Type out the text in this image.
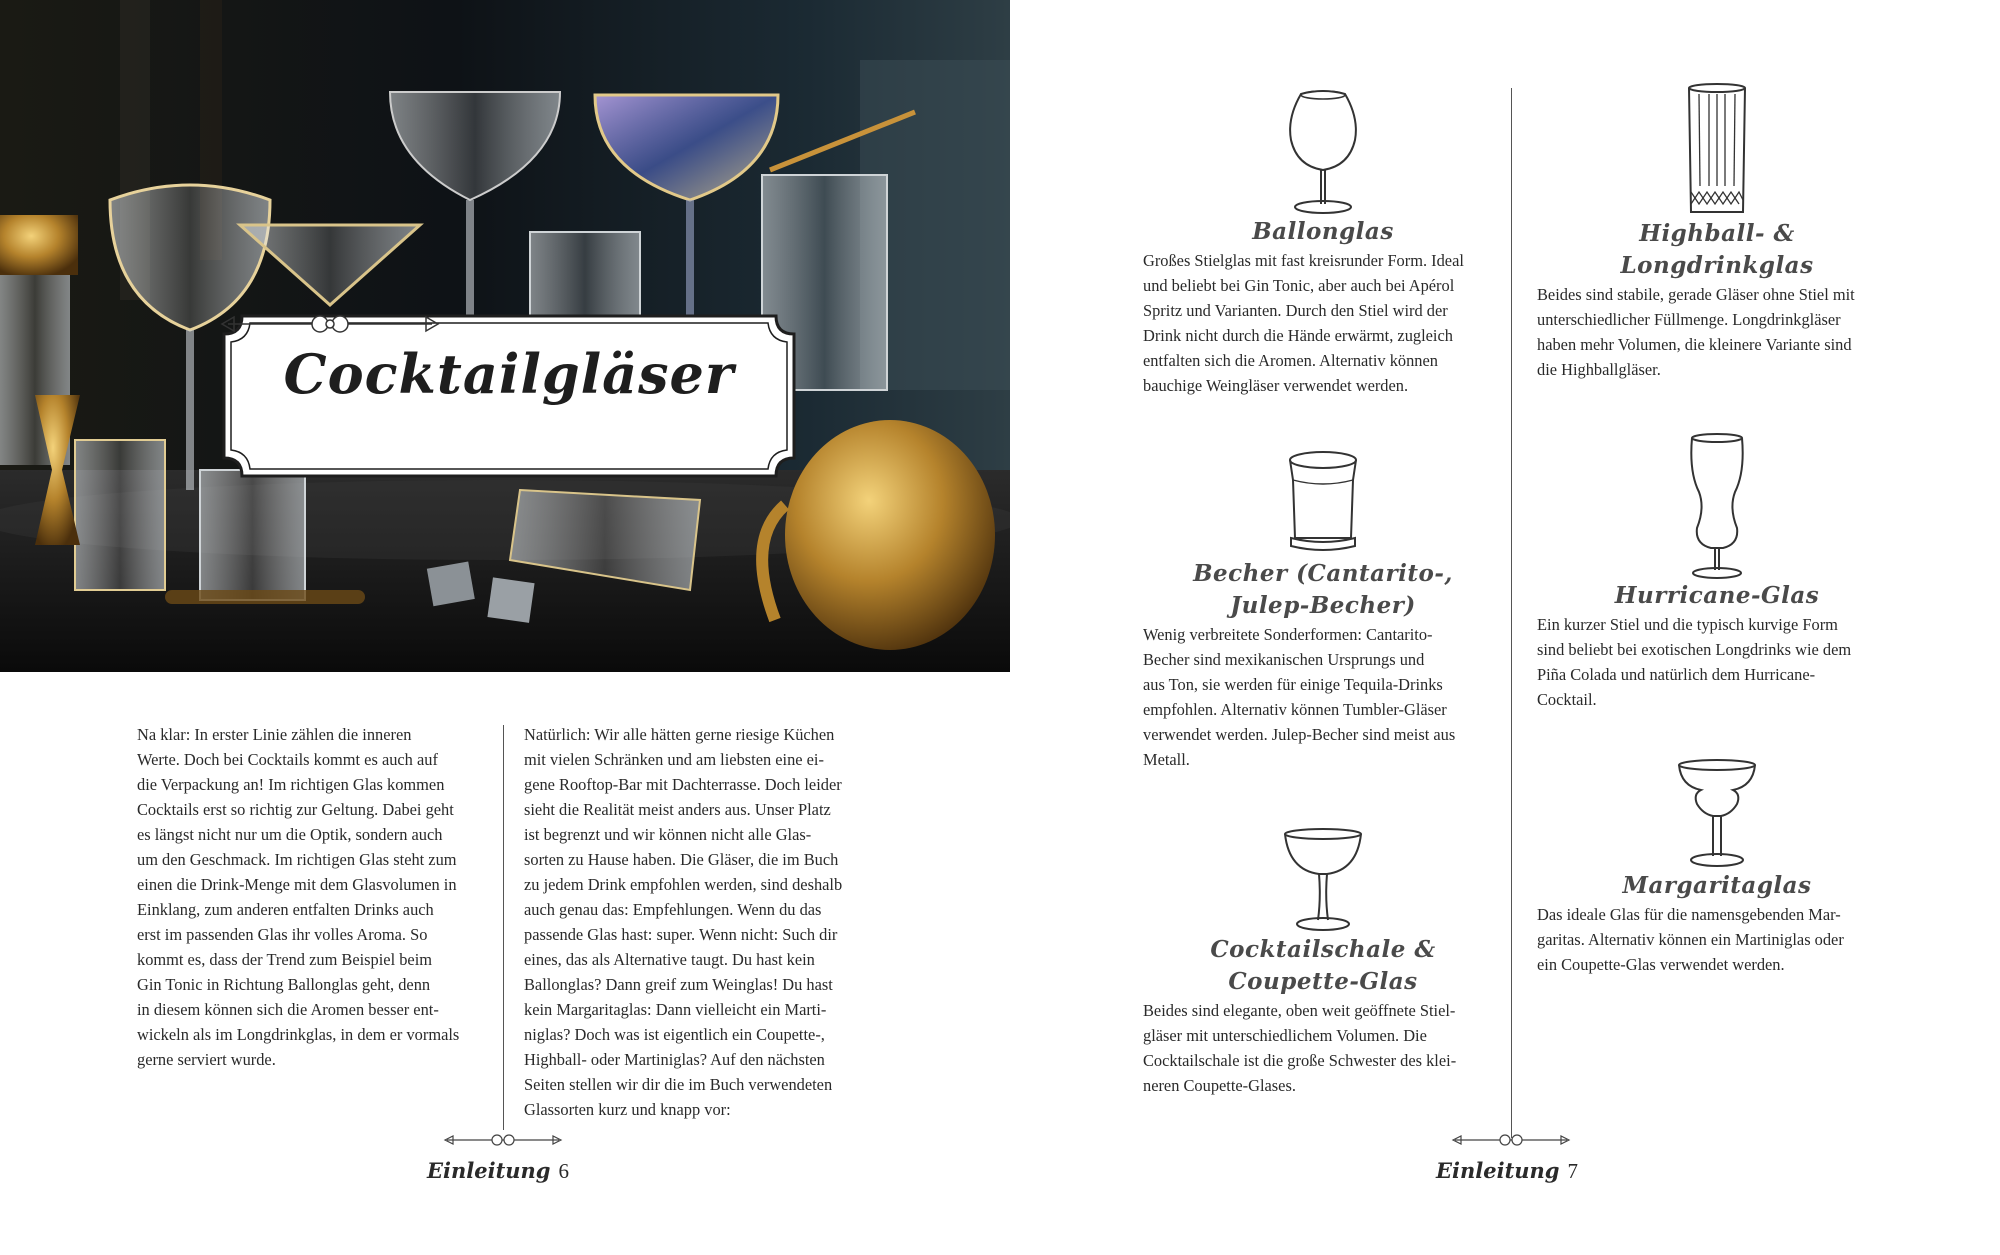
Cocktailgläser
Na klar: In erster Linie zählen die inneren
Werte. Doch bei Cocktails kommt es auch auf
die Verpackung an! Im richtigen Glas kommen
Cocktails erst so richtig zur Geltung. Dabei geht
es längst nicht nur um die Optik, sondern auch
um den Geschmack. Im richtigen Glas steht zum
einen die Drink-Menge mit dem Glasvolumen in
Einklang, zum anderen entfalten Drinks auch
erst im passenden Glas ihr volles Aroma. So
kommt es, dass der Trend zum Beispiel beim
Gin Tonic in Richtung Ballonglas geht, denn
in diesem können sich die Aromen besser ent-
wickeln als im Longdrinkglas, in dem er vormals
gerne serviert wurde.
Natürlich: Wir alle hätten gerne riesige Küchen
mit vielen Schränken und am liebsten eine ei-
gene Rooftop-Bar mit Dachterrasse. Doch leider
sieht die Realität meist anders aus. Unser Platz
ist begrenzt und wir können nicht alle Glas-
sorten zu Hause haben. Die Gläser, die im Buch
zu jedem Drink empfohlen werden, sind deshalb
auch genau das: Empfehlungen. Wenn du das
passende Glas hast: super. Wenn nicht: Such dir
eines, das als Alternative taugt. Du hast kein
Ballonglas? Dann greif zum Weinglas! Du hast
kein Margaritaglas: Dann vielleicht ein Marti-
niglas? Doch was ist eigentlich ein Coupette-,
Highball- oder Martiniglas? Auf den nächsten
Seiten stellen wir dir die im Buch verwendeten
Glassorten kurz und knapp vor:
Einleitung 6
Ballonglas
Großes Stielglas mit fast kreisrunder Form. Ideal
und beliebt bei Gin Tonic, aber auch bei Apérol
Spritz und Varianten. Durch den Stiel wird der
Drink nicht durch die Hände erwärmt, zugleich
entfalten sich die Aromen. Alternativ können
bauchige Weingläser verwendet werden.
Becher (Cantarito-,
Julep-Becher)
Wenig verbreitete Sonderformen: Cantarito-
Becher sind mexikanischen Ursprungs und
aus Ton, sie werden für einige Tequila-Drinks
empfohlen. Alternativ können Tumbler-Gläser
verwendet werden. Julep-Becher sind meist aus
Metall.
Cocktailschale &
Coupette-Glas
Beides sind elegante, oben weit geöffnete Stiel-
gläser mit unterschiedlichem Volumen. Die
Cocktailschale ist die große Schwester des klei-
neren Coupette-Glases.
Highball- &
Longdrinkglas
Beides sind stabile, gerade Gläser ohne Stiel mit
unterschiedlicher Füllmenge. Longdrinkgläser
haben mehr Volumen, die kleinere Variante sind
die Highballgläser.
Hurricane-Glas
Ein kurzer Stiel und die typisch kurvige Form
sind beliebt bei exotischen Longdrinks wie dem
Piña Colada und natürlich dem Hurricane-
Cocktail.
Margaritaglas
Das ideale Glas für die namensgebenden Mar-
garitas. Alternativ können ein Martiniglas oder
ein Coupette-Glas verwendet werden.
Einleitung 7
